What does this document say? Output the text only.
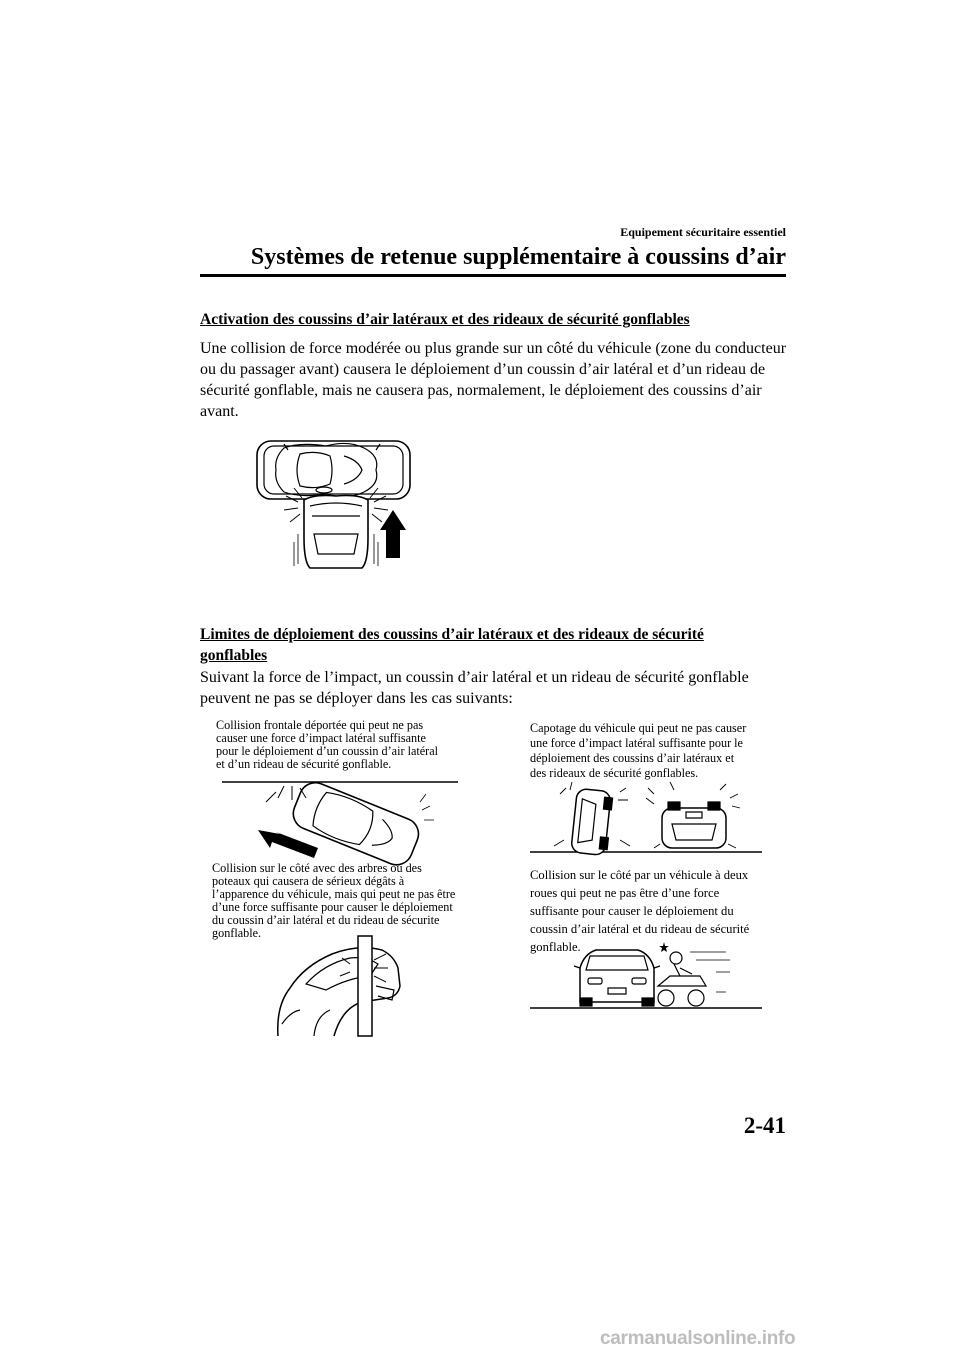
Equipement sécuritaire essentiel
Systèmes de retenue supplémentaire à coussins d’air
Activation des coussins d’air latéraux et des rideaux de sécurité gonflables
Une collision de force modérée ou plus grande sur un côté du véhicule (zone du conducteur
ou du passager avant) causera le déploiement d’un coussin d’air latéral et d’un rideau de
sécurité gonflable, mais ne causera pas, normalement, le déploiement des coussins d’air
avant.
Limites de déploiement des coussins d’air latéraux et des rideaux de sécurité
gonflables
Suivant la force de l’impact, un coussin d’air latéral et un rideau de sécurité gonflable
peuvent ne pas se déployer dans les cas suivants:
Collision frontale déportée qui peut ne pas
causer une force d’impact latéral suffisante
pour le déploiement d’un coussin d’air latéral
et d’un rideau de sécurité gonflable.
Collision sur le côté avec des arbres ou des
poteaux qui causera de sérieux dégâts à
l’apparence du véhicule, mais qui peut ne pas être
d’une force suffisante pour causer le déploiement
du coussin d’air latéral et du rideau de sécurite
gonflable.
Capotage du véhicule qui peut ne pas causer
une force d’impact latéral suffisante pour le
déploiement des coussins d’air latéraux et
des rideaux de sécurité gonflables.
Collision sur le côté par un véhicule à deux
roues qui peut ne pas être d’une force
suffisante pour causer le déploiement du
coussin d’air latéral et du rideau de sécurité
gonflable.
2-41
carmanualsonline.info
